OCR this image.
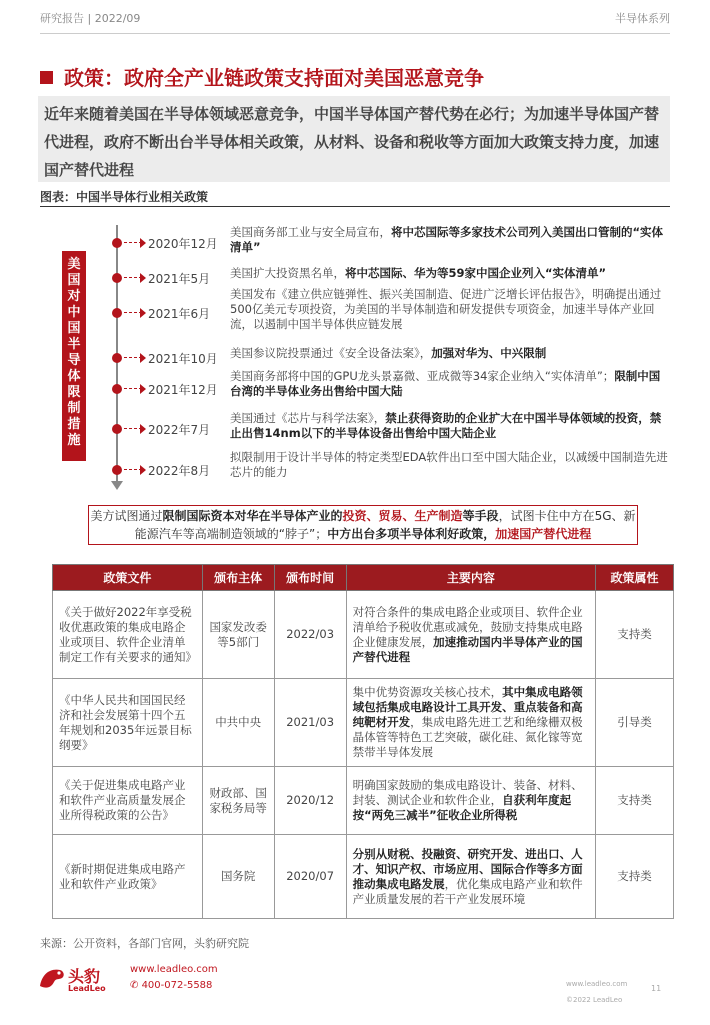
研究报告 | 2022/09	半导体系列
政策：政府全产业链政策支持面对美国恶意竞争
近年来随着美国在半导体领域恶意竞争，中国半导体国产替代势在必行；为加速半导体国产替代进程，政府不断出台半导体相关政策，从材料、设备和税收等方面加大政策支持力度，加速国产替代进程
图表：中国半导体行业相关政策
美
国
对
中
国
半
导
体
限
制
措
施
2020年12月
美国商务部工业与安全局宣布，将中芯国际等多家技术公司列入美国出口管制的“实体清单”
2021年5月 美国扩大投资黑名单，将中芯国际、华为等59家中国企业列入“实体清单”
2021年6月
美国发布《建立供应链弹性、振兴美国制造、促进广泛增长评估报告》，明确提出通过500亿美元专项投资，为美国的半导体制造和研发提供专项资金，加速半导体产业回流，以遏制中国半导体供应链发展
2021年10月 美国参议院投票通过《安全设备法案》，加强对华为、中兴限制
2021年12月
美国商务部将中国的GPU龙头景嘉微、亚成微等34家企业纳入“实体清单”；限制中国台湾的半导体业务出售给中国大陆
2022年7月
美国通过《芯片与科学法案》，禁止获得资助的企业扩大在中国半导体领域的投资，禁止出售14nm以下的半导体设备出售给中国大陆企业
2022年8月
拟限制用于设计半导体的特定类型EDA软件出口至中国大陆企业，以减缓中国制造先进芯片的能力
美方试图通过限制国际资本对华在半导体产业的投资、贸易、生产制造等手段，试图卡住中方在5G、新能源汽车等高端制造领域的“脖子”；中方出台多项半导体利好政策，加速国产替代进程
政策文件	颁布主体	颁布时间	主要内容	政策属性
《关于做好2022年享受税收优惠政策的集成电路企业或项目、软件企业清单制定工作有关要求的通知》	国家发改委等5部门	2022/03	对符合条件的集成电路企业或项目、软件企业清单给予税收优惠或减免，鼓励支持集成电路企业健康发展，加速推动国内半导体产业的国产替代进程	支持类
《中华人民共和国国民经济和社会发展第十四个五年规划和2035年远景目标纲要》	中共中央	2021/03	集中优势资源攻关核心技术，其中集成电路领域包括集成电路设计工具开发、重点装备和高纯靶材开发，集成电路先进工艺和绝缘栅双极晶体管等特色工艺突破，碳化硅、氮化镓等宽禁带半导体发展	引导类
《关于促进集成电路产业和软件产业高质量发展企业所得税政策的公告》	财政部、国家税务局等	2020/12	明确国家鼓励的集成电路设计、装备、材料、封装、测试企业和软件企业，自获利年度起按“两免三减半”征收企业所得税	支持类
《新时期促进集成电路产业和软件产业政策》	国务院	2020/07	分别从财税、投融资、研究开发、进出口、人才、知识产权、市场应用、国际合作等多方面推动集成电路发展，优化集成电路产业和软件产业质量发展的若干产业发展环境	支持类
来源：公开资料，各部门官网，头豹研究院
头豹
LeadLeo
www.leadleo.com
✆ 400-072-5588	www.leadleo.com
©2022 LeadLeo
11
